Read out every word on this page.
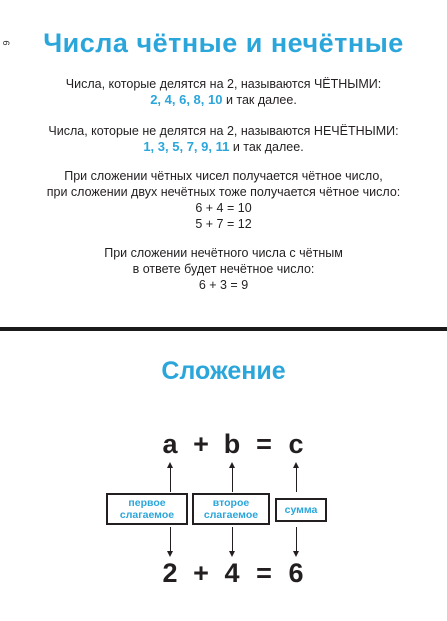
9	Числа чётные и нечётные
Числа, которые делятся на 2, называются ЧЁТНЫМИ:
2, 4, 6, 8, 10 и так далее.
Числа, которые не делятся на 2, называются НЕЧЁТНЫМИ:
1, 3, 5, 7, 9, 11 и так далее.
При сложении чётных чисел получается чётное число,
при сложении двух нечётных тоже получается чётное число:
6 + 4 = 10
5 + 7 = 12
При сложении нечётного числа с чётным
в ответе будет нечётное число:
6 + 3 = 9
Сложение
a + b = c
первое
слагаемое
второе
слагаемое	сумма
2 + 4 = 6
